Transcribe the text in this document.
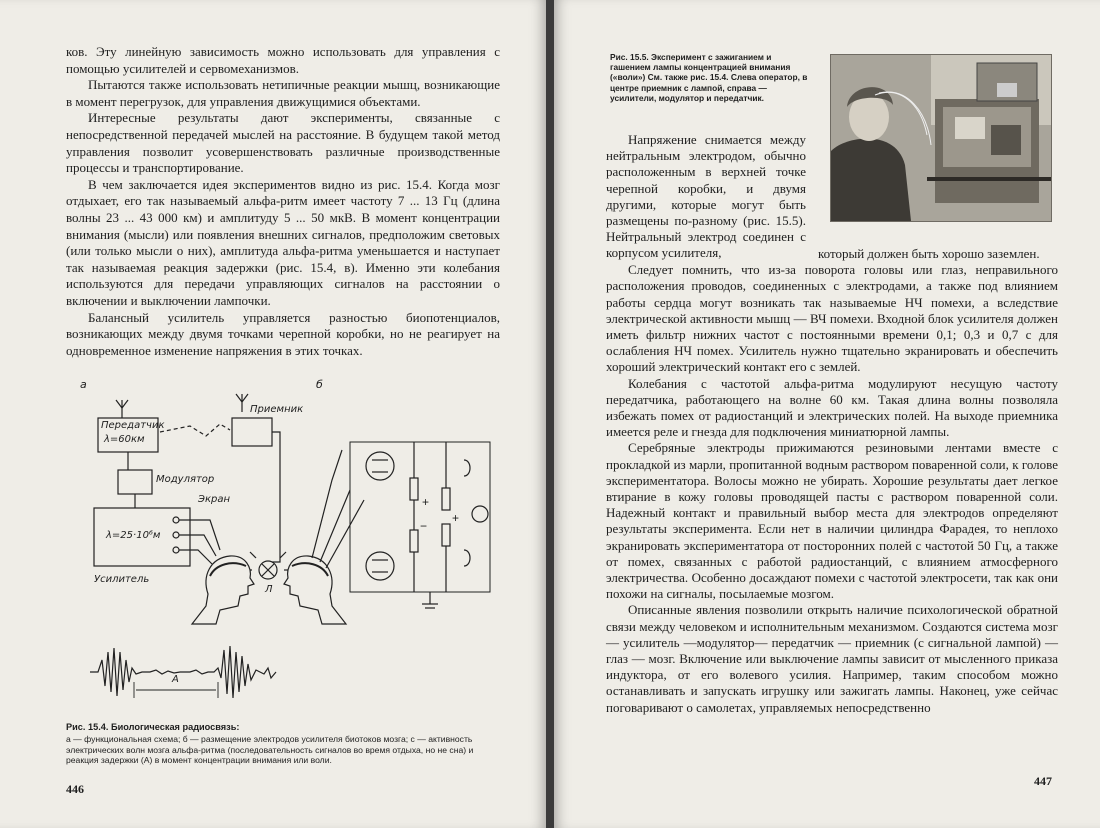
ков. Эту линейную зависимость можно использовать для управления с помощью усилителей и сервомеханизмов.

Пытаются также использовать нетипичные реакции мышц, возникающие в момент перегрузок, для управления движущимися объектами.

Интересные результаты дают эксперименты, связанные с непосредственной передачей мыслей на расстояние. В будущем такой метод управления позволит усовершенствовать различные производственные процессы и транспортирование.

В чем заключается идея экспериментов видно из рис. 15.4. Когда мозг отдыхает, его так называемый альфа-ритм имеет частоту 7 ... 13 Гц (длина волны 23 ... 43 000 км) и амплитуду 5 ... 50 мкВ. В момент концентрации внимания (мысли) или появления внешних сигналов, предположим световых (или только мысли о них), амплитуда альфа-ритма уменьшается и наступает так называемая реакция задержки (рис. 15.4, в). Именно эти колебания используются для передачи управляющих сигналов на расстоянии о включении и выключении лампочки.

Балансный усилитель управляется разностью биопотенциалов, возникающих между двумя точками черепной коробки, но не реагирует на одновременное изменение напряжения в этих точках.

+
−
+
а	б
Передатчик
λ=60км
Приемник
Модулятор
Экран
λ=25·10⁶м
Усилитель
Л
A
Рис. 15.4. Биологическая радиосвязь:
а — функциональная схема; б — размещение электродов усилителя биотоков мозга; с — активность электрических волн мозга альфа-ритма (последовательность сигналов во время отдыха, но не сна) и реакция задержки (А) в момент концентрации внимания или воли.
446
Рис. 15.5. Эксперимент с зажиганием и гашением лампы концентрацией внимания («воли») См. также рис. 15.4. Слева оператор, в центре приемник с лампой, справа — усилители, модулятор и передатчик.

Напряжение снимается между нейтральным электродом, обычно расположенным в верхней точке черепной коробки, и двумя другими, которые могут быть размещены по-разному (рис. 15.5). Нейтральный электрод соединен с корпусом усилителя,	который должен быть хорошо заземлен.

Следует помнить, что из-за поворота головы или глаз, неправильного расположения проводов, соединенных с электродами, а также под влиянием работы сердца могут возникать так называемые НЧ помехи, а вследствие электрической активности мышц — ВЧ помехи. Входной блок усилителя должен иметь фильтр нижних частот с постоянными времени 0,1; 0,3 и 0,7 с для ослабления НЧ помех. Усилитель нужно тщательно экранировать и обеспечить хороший электрический контакт его с землей.

Колебания с частотой альфа-ритма модулируют несущую частоту передатчика, работающего на волне 60 км. Такая длина волны позволяла избежать помех от радиостанций и электрических полей. На выходе приемника имеется реле и гнезда для подключения миниатюрной лампы.

Серебряные электроды прижимаются резиновыми лентами вместе с прокладкой из марли, пропитанной водным раствором поваренной соли, к голове экспериментатора. Волосы можно не убирать. Хорошие результаты дает легкое втирание в кожу головы проводящей пасты с раствором поваренной соли. Надежный контакт и правильный выбор места для электродов определяют результаты эксперимента. Если нет в наличии цилиндра Фарадея, то неплохо экранировать экспериментатора от посторонних полей с частотой 50 Гц, а также от помех, связанных с работой радиостанций, с влиянием атмосферного электричества. Особенно досаждают помехи с частотой электросети, так как они похожи на сигналы, посылаемые мозгом.

Описанные явления позволили открыть наличие психологической обратной связи между человеком и исполнительным механизмом. Создаются система мозг — усилитель —модулятор— передатчик — приемник (с сигнальной лампой) — глаз — мозг. Включение или выключение лампы зависит от мысленного приказа индуктора, от его волевого усилия. Например, таким способом можно останавливать и запускать игрушку или зажигать лампы. Наконец, уже сейчас поговаривают о самолетах, управляемых непосредственно

447
